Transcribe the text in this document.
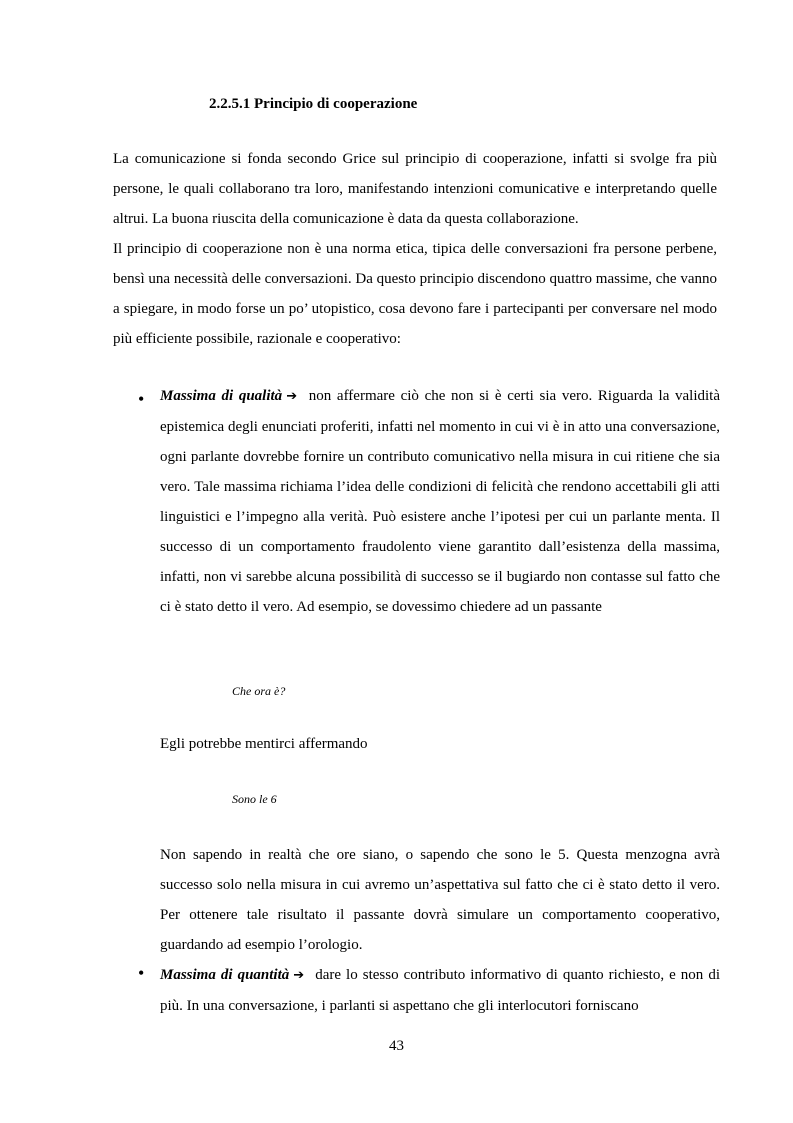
2.2.5.1 Principio di cooperazione

La comunicazione si fonda secondo Grice sul principio di cooperazione, infatti si svolge fra più persone, le quali collaborano tra loro, manifestando intenzioni comunicative e interpretando quelle altrui. La buona riuscita della comunicazione è data da questa collaborazione.

Il principio di cooperazione non è una norma etica, tipica delle conversazioni fra persone perbene, bensì una necessità delle conversazioni. Da questo principio discendono quattro massime, che vanno a spiegare, in modo forse un po’ utopistico, cosa devono fare i partecipanti per conversare nel modo più efficiente possibile, razionale e cooperativo:

• Massima di qualità ➔ non affermare ciò che non si è certi sia vero. Riguarda la validità epistemica degli enunciati proferiti, infatti nel momento in cui vi è in atto una conversazione, ogni parlante dovrebbe fornire un contributo comunicativo nella misura in cui ritiene che sia vero. Tale massima richiama l’idea delle condizioni di felicità che rendono accettabili gli atti linguistici e l’impegno alla verità. Può esistere anche l’ipotesi per cui un parlante menta. Il successo di un comportamento fraudolento viene garantito dall’esistenza della massima, infatti, non vi sarebbe alcuna possibilità di successo se il bugiardo non contasse sul fatto che ci è stato detto il vero. Ad esempio, se dovessimo chiedere ad un passante

Che ora è?

Egli potrebbe mentirci affermando

Sono le 6

Non sapendo in realtà che ore siano, o sapendo che sono le 5. Questa menzogna avrà successo solo nella misura in cui avremo un’aspettativa sul fatto che ci è stato detto il vero. Per ottenere tale risultato il passante dovrà simulare un comportamento cooperativo, guardando ad esempio l’orologio.

• Massima di quantità ➔ dare lo stesso contributo informativo di quanto richiesto, e non di più. In una conversazione, i parlanti si aspettano che gli interlocutori forniscano

43
